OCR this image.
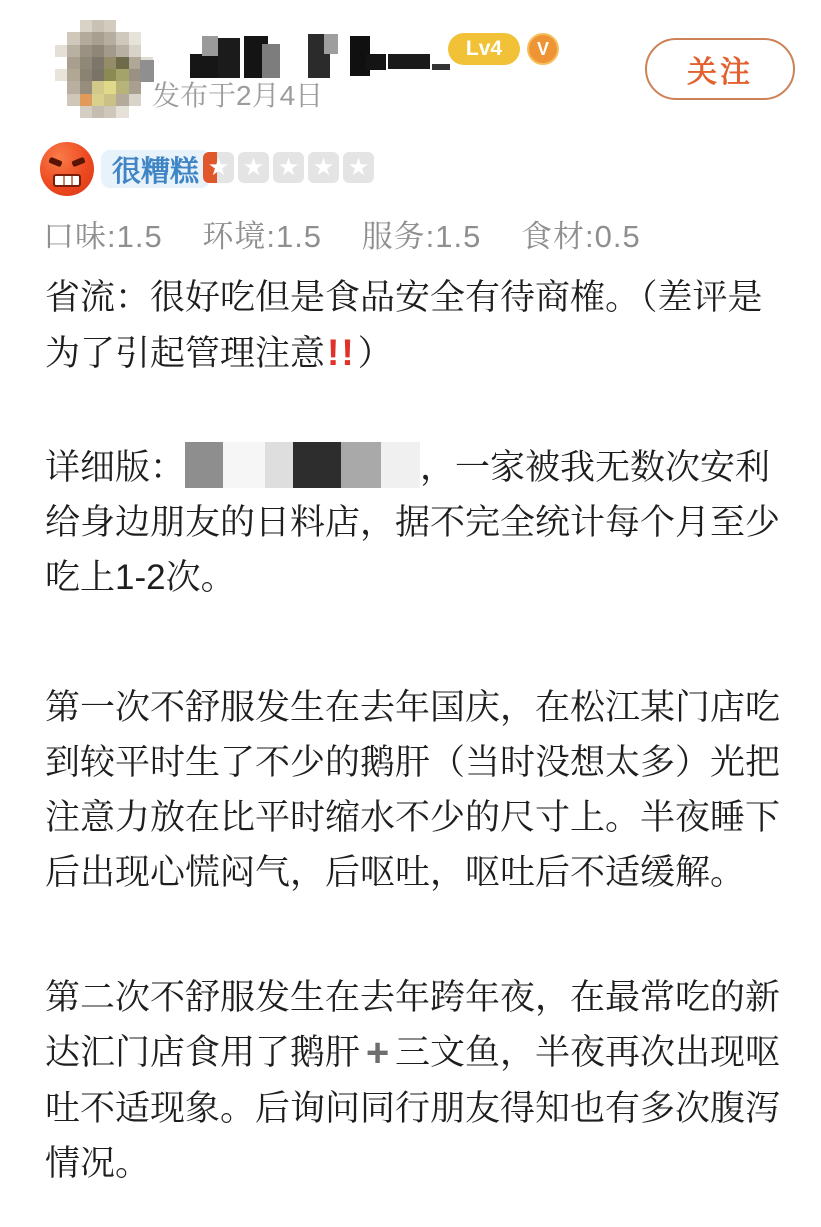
Lv4	V
发布于2月4日
关注
很糟糕 ★ ★ ★ ★ ★
口味:1.5 环境:1.5 服务:1.5 食材:0.5
省流：很好吃但是食品安全有待商榷。（差评是为了引起管理注意!!）
详细版：	，一家被我无数次安利给身边朋友的日料店，据不完全统计每个月至少吃上1-2次。
第一次不舒服发生在去年国庆，在松江某门店吃到较平时生了不少的鹅肝（当时没想太多）光把注意力放在比平时缩水不少的尺寸上。半夜睡下后出现心慌闷气，后呕吐，呕吐后不适缓解。
第二次不舒服发生在去年跨年夜，在最常吃的新达汇门店食用了鹅肝 + 三文鱼，半夜再次出现呕吐不适现象。后询问同行朋友得知也有多次腹泻情况。
